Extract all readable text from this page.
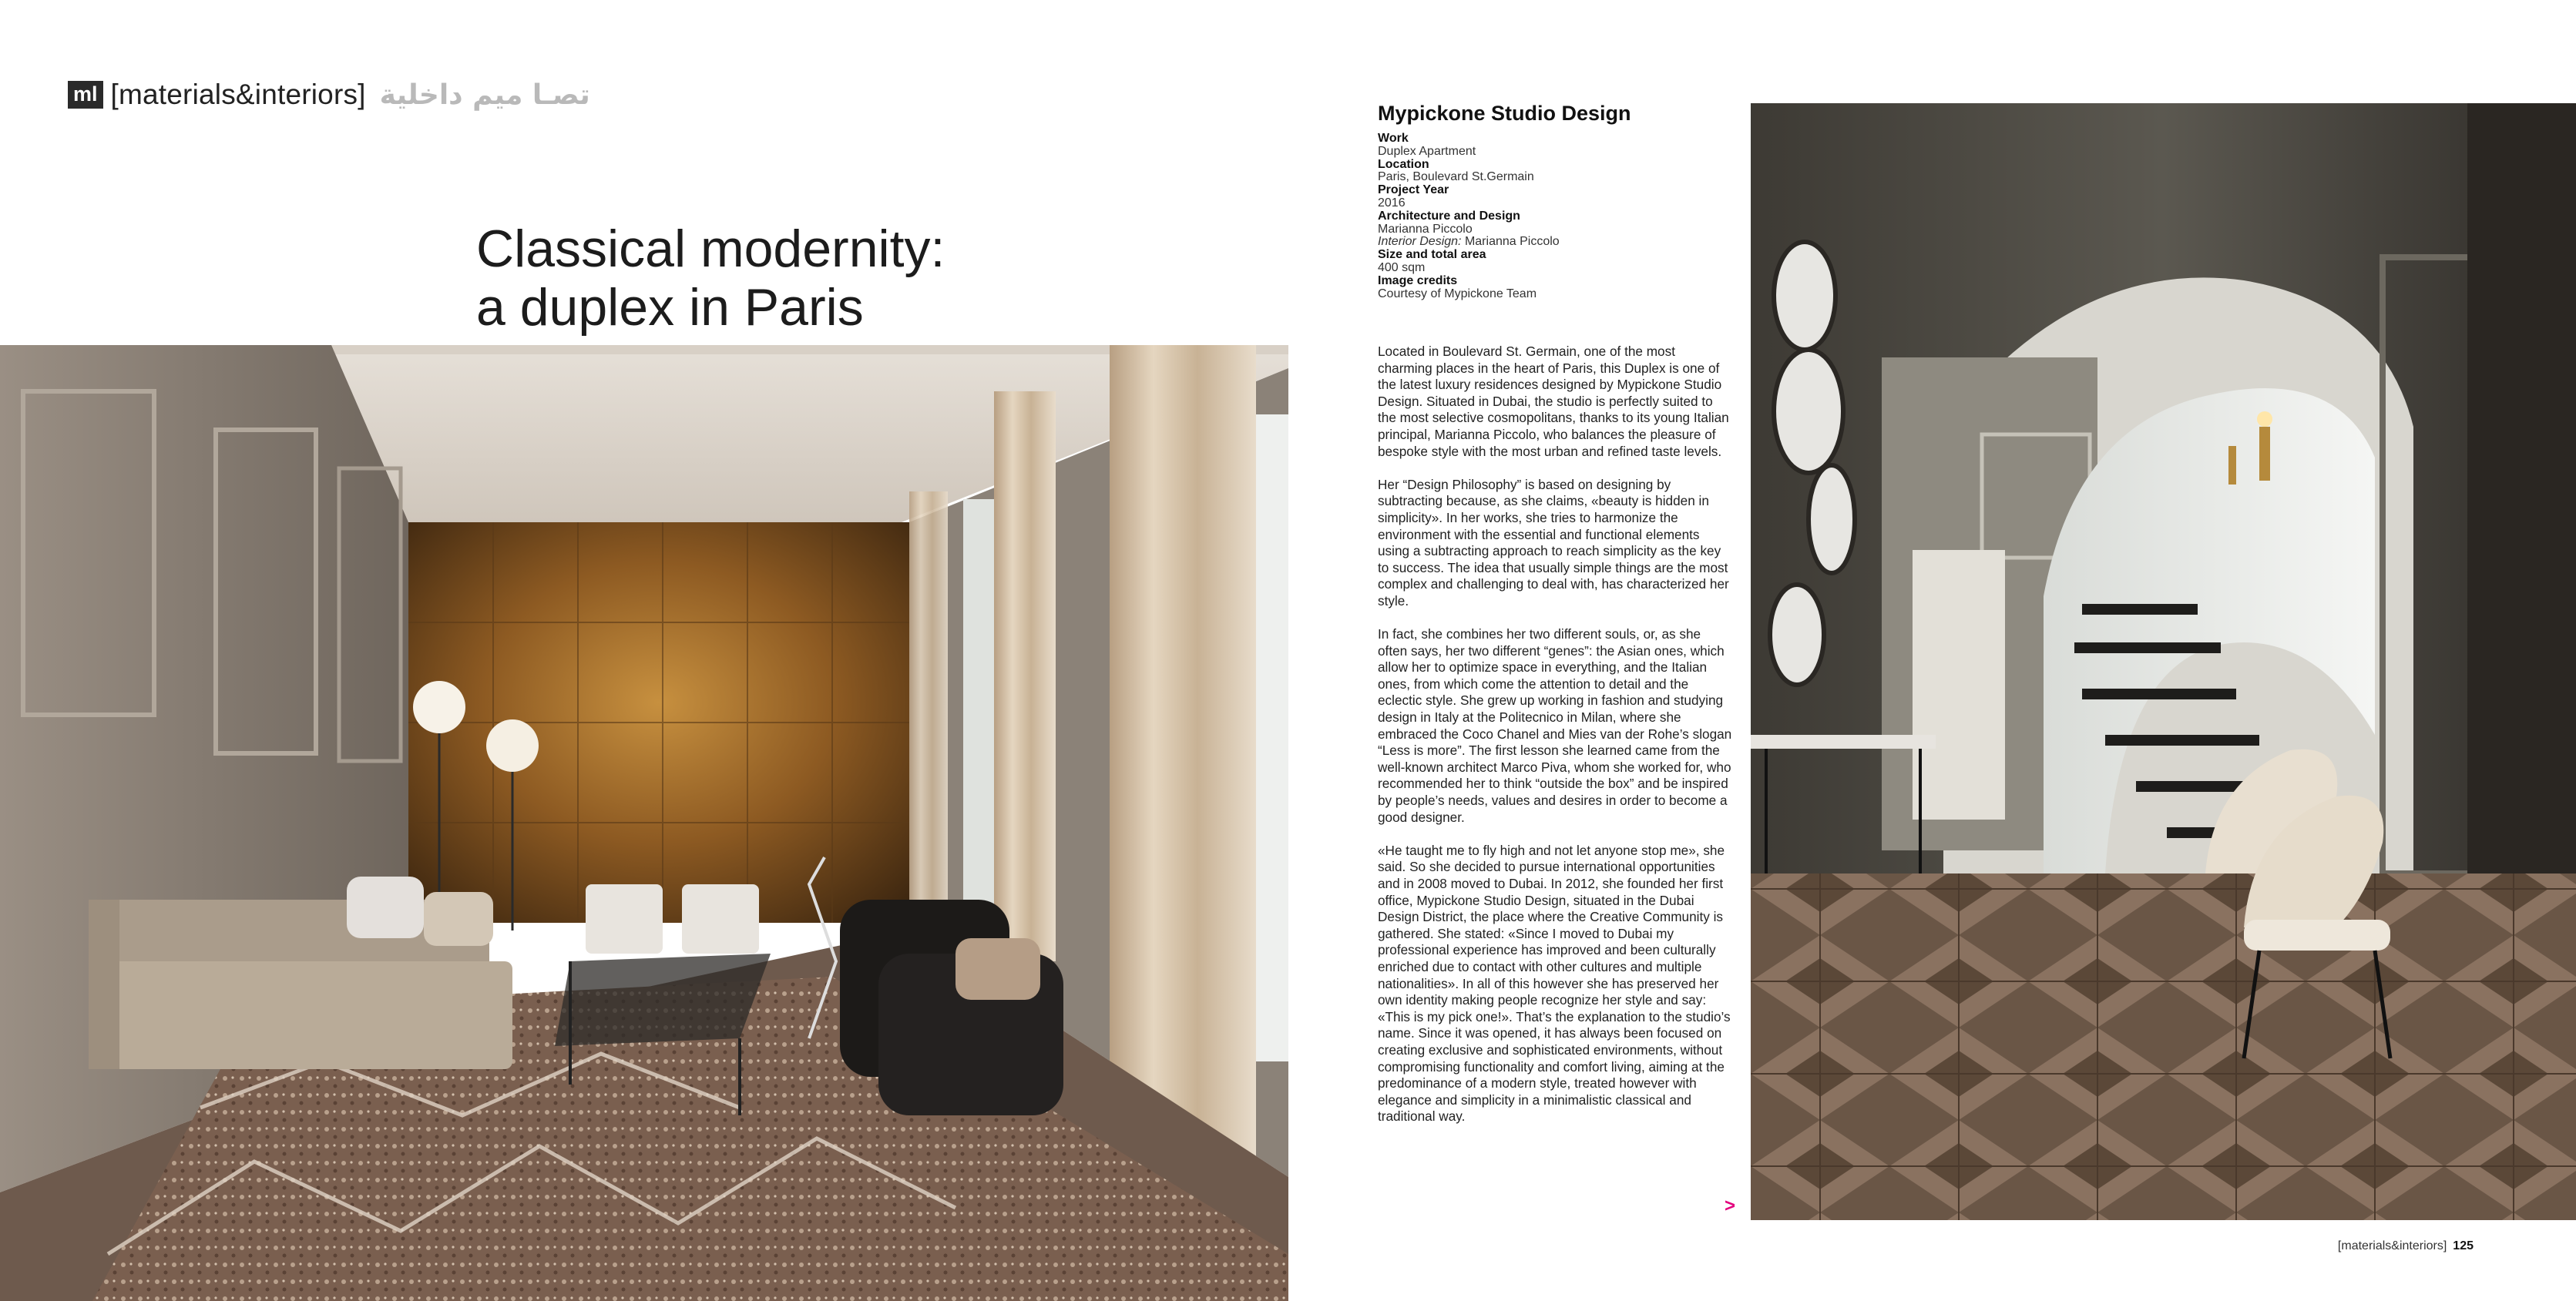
ml [materials&interiors] تصـا ميم داخلية
Classical modernity:
a duplex in Paris
Mypickone Studio Design
Work
Duplex Apartment
Location
Paris, Boulevard St.Germain
Project Year
2016
Architecture and Design
Marianna Piccolo
Interior Design: Marianna Piccolo
Size and total area
400 sqm
Image credits
Courtesy of Mypickone Team

Located in Boulevard St. Germain, one of the most charming places in the heart of Paris, this Duplex is one of the latest luxury residences designed by Mypickone Studio Design. Situated in Dubai, the studio is perfectly suited to the most selective cosmopolitans, thanks to its young Italian principal, Marianna Piccolo, who balances the pleasure of bespoke style with the most urban and refined taste levels.

Her “Design Philosophy” is based on designing by subtracting because, as she claims, «beauty is hidden in simplicity». In her works, she tries to harmonize the environment with the essential and functional elements using a subtracting approach to reach simplicity as the key to success. The idea that usually simple things are the most complex and challenging to deal with, has characterized her style.

In fact, she combines her two different souls, or, as she often says, her two different “genes”: the Asian ones, which allow her to optimize space in everything, and the Italian ones, from which come the attention to detail and the eclectic style. She grew up working in fashion and studying design in Italy at the Politecnico in Milan, where she embraced the Coco Chanel and Mies van der Rohe’s slogan “Less is more”. The first lesson she learned came from the well-known architect Marco Piva, whom she worked for, who recommended her to think “outside the box” and be inspired by people’s needs, values and desires in order to become a good designer.

«He taught me to fly high and not let anyone stop me», she said. So she decided to pursue international opportunities and in 2008 moved to Dubai. In 2012, she founded her first office, Mypickone Studio Design, situated in the Dubai Design District, the place where the Creative Community is gathered. She stated: «Since I moved to Dubai my professional experience has improved and been culturally enriched due to contact with other cultures and multiple nationalities». In all of this however she has preserved her own identity making people recognize her style and say: «This is my pick one!». That’s the explanation to the studio’s name. Since it was opened, it has always been focused on creating exclusive and sophisticated environments, without compromising functionality and comfort living, aiming at the predominance of a modern style, treated however with elegance and simplicity in a minimalistic classical and traditional way.

>
[materials&interiors] 125
